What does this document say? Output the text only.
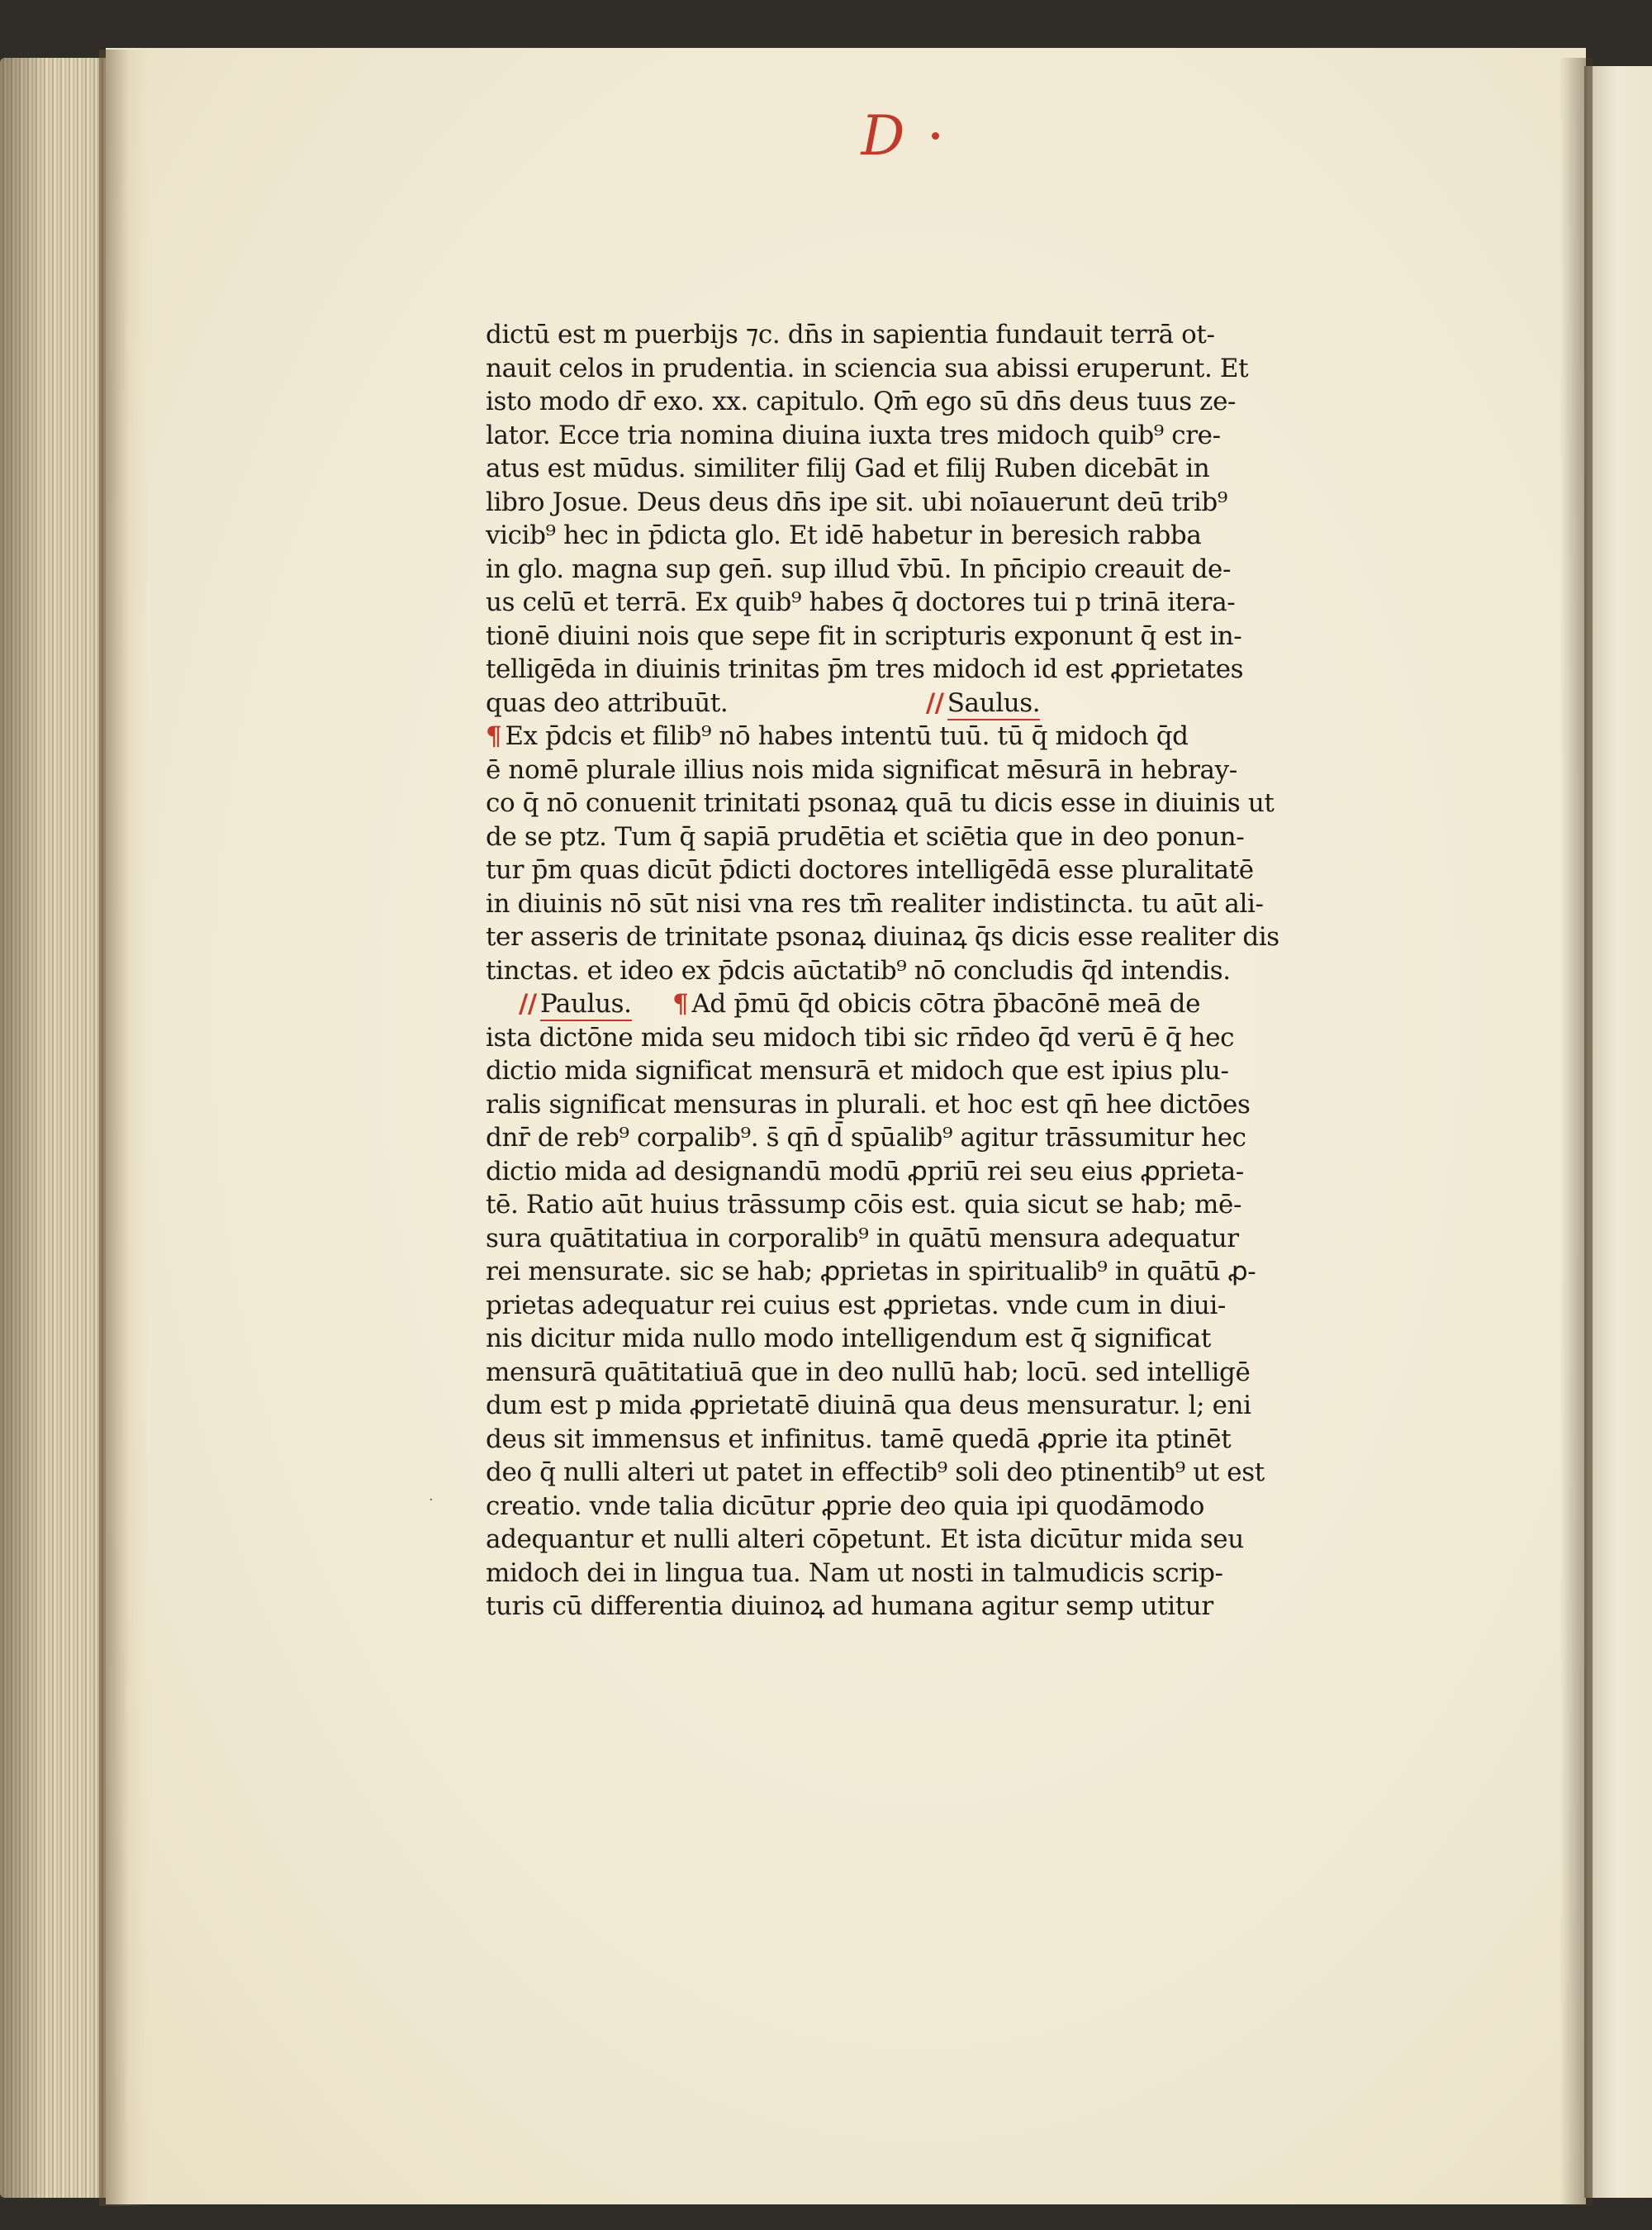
D
·
dictū est m puerbijs ⁊c. dn̄s in sapientia fundauit terrā ot-
nauit celos in prudentia. in sciencia sua abissi eruperunt. Et
isto modo dr̄ exo. xx. capitulo. Qm̄ ego sū dn̄s deus tuus ze-
lator. Ecce tria nomina diuina iuxta tres midoch quib⁹ cre-
atus est mūdus. similiter filij Gad et filij Ruben dicebāt in
libro Josue. Deus deus dn̄s ipe sit. ubi noīauerunt deū trib⁹
vicib⁹ hec in p̄dicta glo. Et idē habetur in beresich rabba
in glo. magna sup gen̄. sup illud v̄bū. In pn̄cipio creauit de-
us celū et terrā. Ex quib⁹ habes q̄ doctores tui p trinā itera-
tionē diuini nois que sepe fit in scripturis exponunt q̄ est in-
telligēda in diuinis trinitas p̄m tres midoch id est ꝓprietates
quas deo attribuūt.	// Saulus.
¶ Ex p̄dcis et filib⁹ nō habes intentū tuū. tū q̄ midoch q̄d
ē nomē plurale illius nois mida significat mēsurā in hebray-
co q̄ nō conuenit trinitati psonaꝝ quā tu dicis esse in diuinis ut
de se ptz. Tum q̄ sapiā prudētia et sciētia que in deo ponun-
tur p̄m quas dicūt p̄dicti doctores intelligēdā esse pluralitatē
in diuinis nō sūt nisi vna res tm̄ realiter indistincta. tu aūt ali-
ter asseris de trinitate psonaꝝ diuinaꝝ q̄s dicis esse realiter dis
tinctas. et ideo ex p̄dcis aūctatib⁹ nō concludis q̄d intendis.
// Paulus. ¶ Ad p̄mū q̄d obicis cōtra p̄bacōnē meā de
ista dictōne mida seu midoch tibi sic rn̄deo q̄d verū ē q̄ hec
dictio mida significat mensurā et midoch que est ipius plu-
ralis significat mensuras in plurali. et hoc est qn̄ hee dictōes
dnr̄ de reb⁹ corpalib⁹. s̄ qn̄ d̄ spūalib⁹ agitur trāssumitur hec
dictio mida ad designandū modū ꝓpriū rei seu eius ꝓprieta-
tē. Ratio aūt huius trāssump cōis est. quia sicut se hab; mē-
sura quātitatiua in corporalib⁹ in quātū mensura adequatur
rei mensurate. sic se hab; ꝓprietas in spiritualib⁹ in quātū ꝓ-
prietas adequatur rei cuius est ꝓprietas. vnde cum in diui-
nis dicitur mida nullo modo intelligendum est q̄ significat
mensurā quātitatiuā que in deo nullū hab; locū. sed intelligē
dum est p mida ꝓprietatē diuinā qua deus mensuratur. l; eni
deus sit immensus et infinitus. tamē quedā ꝓprie ita ptinēt
deo q̄ nulli alteri ut patet in effectib⁹ soli deo ptinentib⁹ ut est
creatio. vnde talia dicūtur ꝓprie deo quia ipi quodāmodo
adequantur et nulli alteri cōpetunt. Et ista dicūtur mida seu
midoch dei in lingua tua. Nam ut nosti in talmudicis scrip-
turis cū differentia diuinoꝝ ad humana agitur semp utitur
